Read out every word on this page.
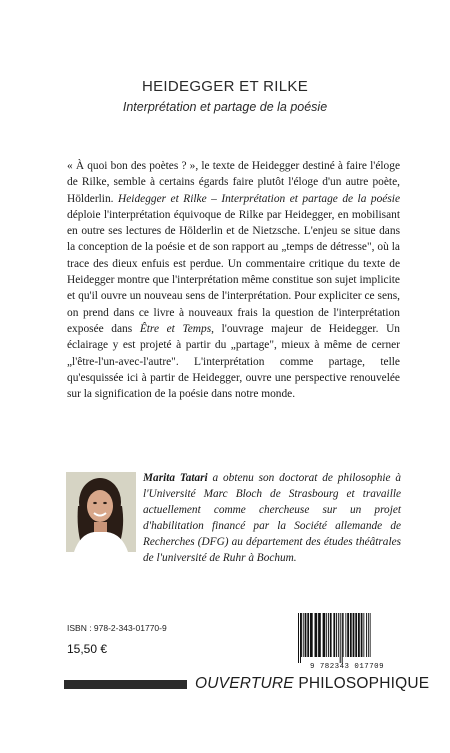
HEIDEGGER ET RILKE
Interprétation et partage de la poésie
« À quoi bon des poètes ? », le texte de Heidegger destiné à faire l'éloge de Rilke, semble à certains égards faire plutôt l'éloge d'un autre poète, Hölderlin. Heidegger et Rilke – Interprétation et partage de la poésie déploie l'interprétation équivoque de Rilke par Heidegger, en mobilisant en outre ses lectures de Hölderlin et de Nietzsche. L'enjeu se situe dans la conception de la poésie et de son rapport au „temps de détresse", où la trace des dieux enfuis est perdue. Un commentaire critique du texte de Heidegger montre que l'interprétation même constitue son sujet implicite et qu'il ouvre un nouveau sens de l'interprétation. Pour expliciter ce sens, on prend dans ce livre à nouveaux frais la question de l'interprétation exposée dans Être et Temps, l'ouvrage majeur de Heidegger. Un éclairage y est projeté à partir du „partage", mieux à même de cerner „l'être-l'un-avec-l'autre". L'interprétation comme partage, telle qu'esquissée ici à partir de Heidegger, ouvre une perspective renouvelée sur la signification de la poésie dans notre monde.
Marita Tatari a obtenu son doctorat de philosophie à l'Université Marc Bloch de Strasbourg et travaille actuellement comme chercheuse sur un projet d'habilitation financé par la Société allemande de Recherches (DFG) au département des études théâtrales de l'université de Ruhr à Bochum.
ISBN : 978-2-343-01770-9
15,50 €
9 782343 017709
OUVERTURE PHILOSOPHIQUE
